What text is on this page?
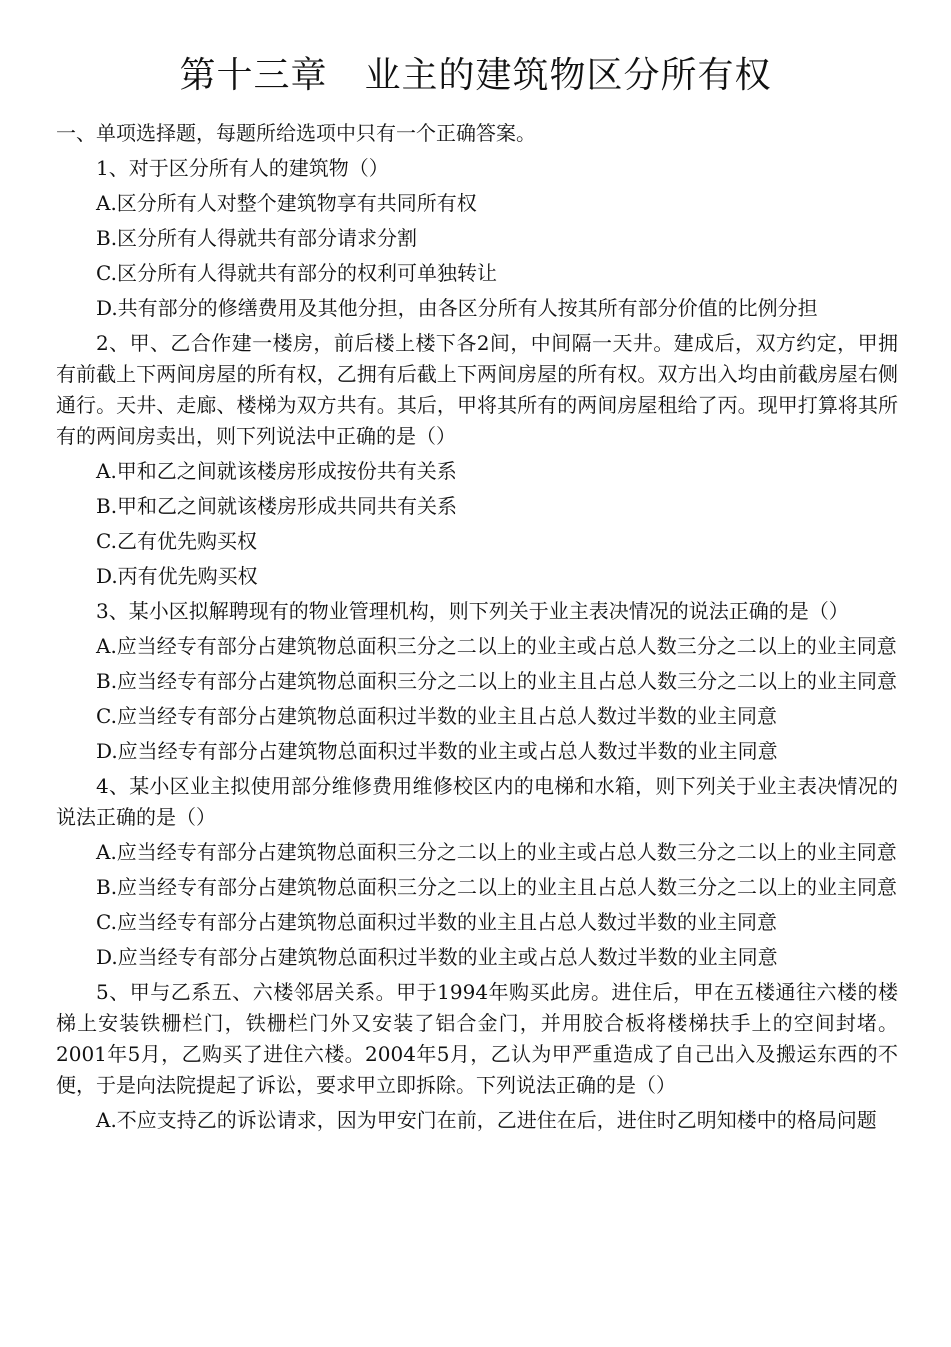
第十三章　业主的建筑物区分所有权

一、单项选择题，每题所给选项中只有一个正确答案。

1、对于区分所有人的建筑物（）

A.区分所有人对整个建筑物享有共同所有权

B.区分所有人得就共有部分请求分割

C.区分所有人得就共有部分的权利可单独转让

D.共有部分的修缮费用及其他分担，由各区分所有人按其所有部分价值的比例分担

2、甲、乙合作建一楼房，前后楼上楼下各2间，中间隔一天井。建成后，双方约定，甲拥有前截上下两间房屋的所有权，乙拥有后截上下两间房屋的所有权。双方出入均由前截房屋右侧通行。天井、走廊、楼梯为双方共有。其后，甲将其所有的两间房屋租给了丙。现甲打算将其所有的两间房卖出，则下列说法中正确的是（）

A.甲和乙之间就该楼房形成按份共有关系

B.甲和乙之间就该楼房形成共同共有关系

C.乙有优先购买权

D.丙有优先购买权

3、某小区拟解聘现有的物业管理机构，则下列关于业主表决情况的说法正确的是（）

A.应当经专有部分占建筑物总面积三分之二以上的业主或占总人数三分之二以上的业主同意

B.应当经专有部分占建筑物总面积三分之二以上的业主且占总人数三分之二以上的业主同意

C.应当经专有部分占建筑物总面积过半数的业主且占总人数过半数的业主同意

D.应当经专有部分占建筑物总面积过半数的业主或占总人数过半数的业主同意

4、某小区业主拟使用部分维修费用维修校区内的电梯和水箱，则下列关于业主表决情况的说法正确的是（）

A.应当经专有部分占建筑物总面积三分之二以上的业主或占总人数三分之二以上的业主同意

B.应当经专有部分占建筑物总面积三分之二以上的业主且占总人数三分之二以上的业主同意

C.应当经专有部分占建筑物总面积过半数的业主且占总人数过半数的业主同意

D.应当经专有部分占建筑物总面积过半数的业主或占总人数过半数的业主同意

5、甲与乙系五、六楼邻居关系。甲于1994年购买此房。进住后，甲在五楼通往六楼的楼梯上安装铁栅栏门，铁栅栏门外又安装了铝合金门，并用胶合板将楼梯扶手上的空间封堵。2001年5月，乙购买了进住六楼。2004年5月，乙认为甲严重造成了自己出入及搬运东西的不便，于是向法院提起了诉讼，要求甲立即拆除。下列说法正确的是（）

A.不应支持乙的诉讼请求，因为甲安门在前，乙进住在后，进住时乙明知楼中的格局问题
